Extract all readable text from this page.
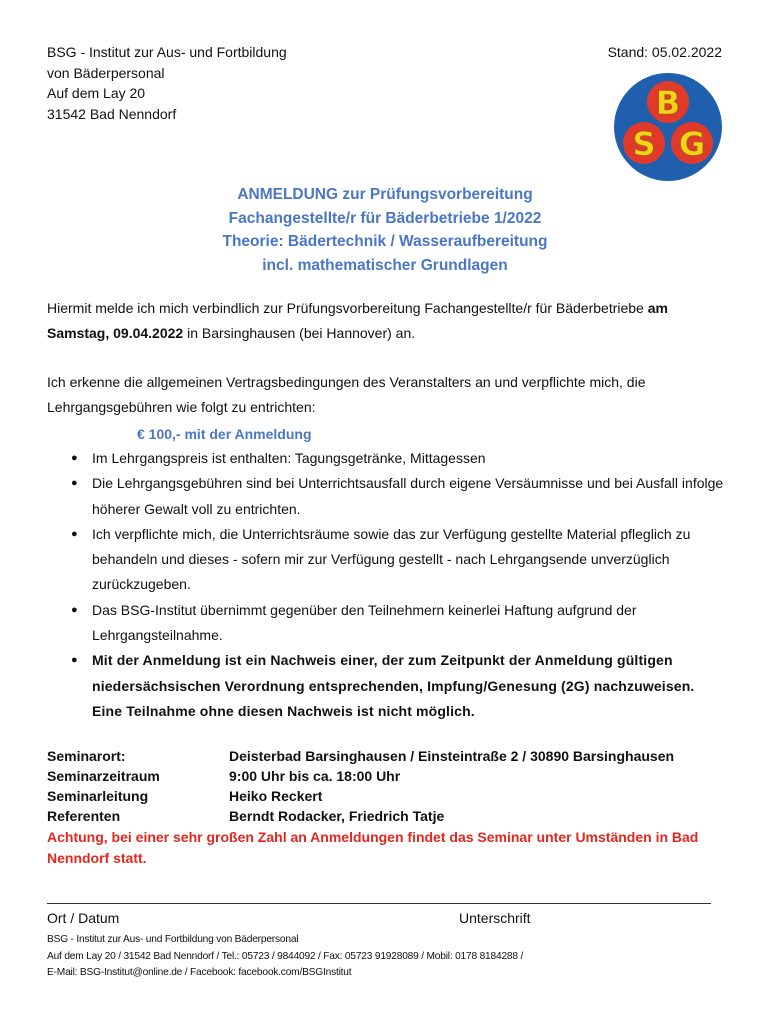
BSG - Institut zur Aus- und Fortbildung
von Bäderpersonal
Auf dem Lay 20
31542 Bad Nenndorf
Stand: 05.02.2022
B
S G
ANMELDUNG zur Prüfungsvorbereitung
Fachangestellte/r für Bäderbetriebe 1/2022
Theorie: Bädertechnik / Wasseraufbereitung
incl. mathematischer Grundlagen
Hiermit melde ich mich verbindlich zur Prüfungsvorbereitung Fachangestellte/r für Bäderbetriebe am Samstag, 09.04.2022 in Barsinghausen (bei Hannover) an.
Ich erkenne die allgemeinen Vertragsbedingungen des Veranstalters an und verpflichte mich, die Lehrgangsgebühren wie folgt zu entrichten:
€ 100,- mit der Anmeldung
● Im Lehrgangspreis ist enthalten: Tagungsgetränke, Mittagessen
● Die Lehrgangsgebühren sind bei Unterrichtsausfall durch eigene Versäumnisse und bei Ausfall infolge höherer Gewalt voll zu entrichten.
● Ich verpflichte mich, die Unterrichtsräume sowie das zur Verfügung gestellte Material pfleglich zu behandeln und dieses - sofern mir zur Verfügung gestellt - nach Lehrgangsende unverzüglich zurückzugeben.
● Das BSG-Institut übernimmt gegenüber den Teilnehmern keinerlei Haftung aufgrund der Lehrgangsteilnahme.
● Mit der Anmeldung ist ein Nachweis einer, der zum Zeitpunkt der Anmeldung gültigen niedersächsischen Verordnung entsprechenden, Impfung/Genesung (2G) nachzuweisen. Eine Teilnahme ohne diesen Nachweis ist nicht möglich.
Seminarort:	Deisterbad Barsinghausen / Einsteintraße 2 / 30890 Barsinghausen
Seminarzeitraum	9:00 Uhr bis ca. 18:00 Uhr
Seminarleitung	Heiko Reckert
Referenten	Berndt Rodacker, Friedrich Tatje
Achtung, bei einer sehr großen Zahl an Anmeldungen findet das Seminar unter Umständen in Bad Nenndorf statt.
Ort / Datum	Unterschrift
BSG - Institut zur Aus- und Fortbildung von Bäderpersonal
Auf dem Lay 20 / 31542 Bad Nenndorf / Tel.: 05723 / 9844092 / Fax: 05723 91928089 / Mobil: 0178 8184288 /
E-Mail: BSG-Institut@online.de / Facebook: facebook.com/BSGInstitut
